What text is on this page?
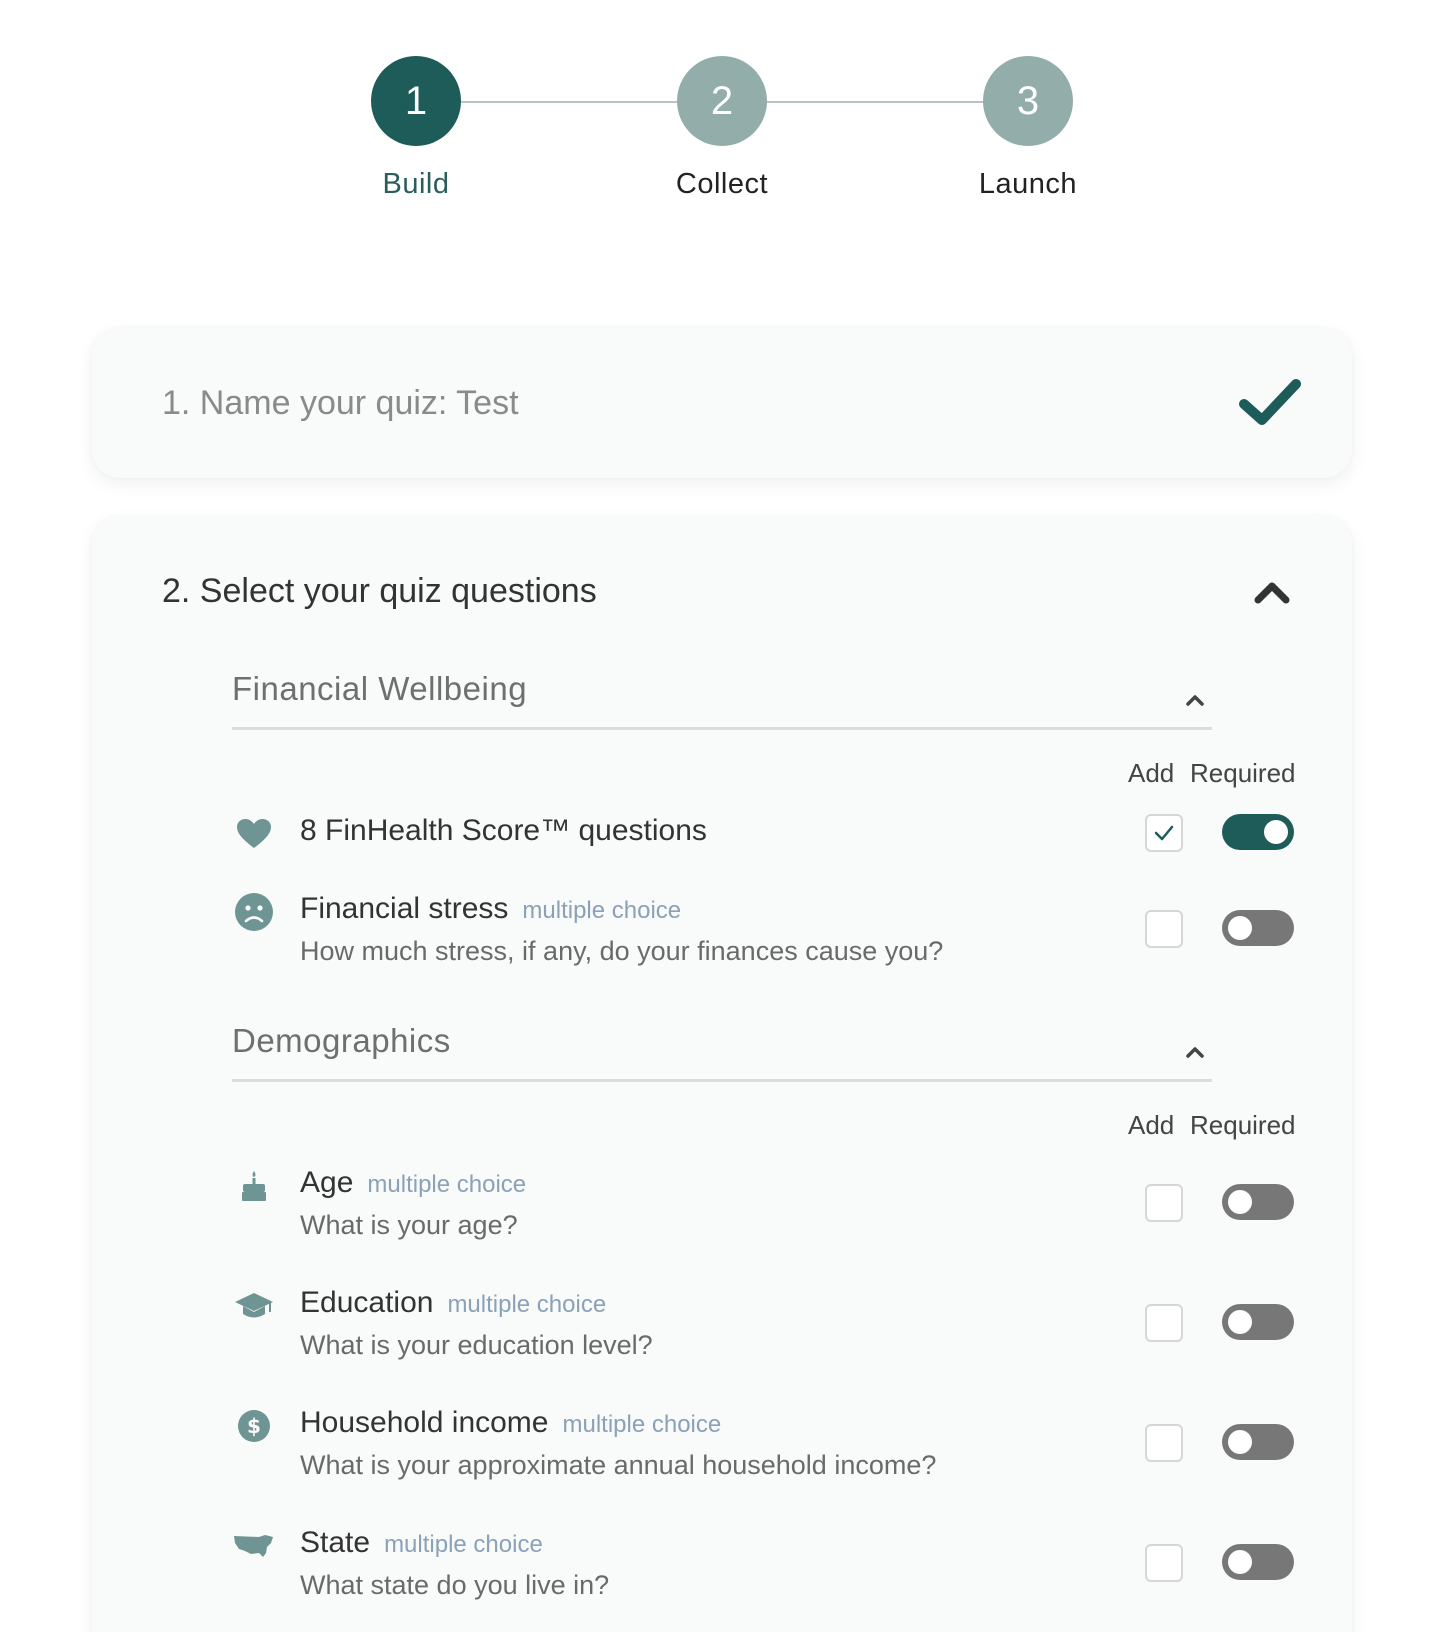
1
Build
2
Collect
3
Launch
1. Name your quiz: Test
2. Select your quiz questions
Financial Wellbeing
Add Required
8 FinHealth Score™ questions
Financial stress multiple choice
How much stress, if any, do your finances cause you?
Demographics
Add Required
Age multiple choice
What is your age?
Education multiple choice
What is your education level?
$ Household income multiple choice
What is your approximate annual household income?
State multiple choice
What state do you live in?
